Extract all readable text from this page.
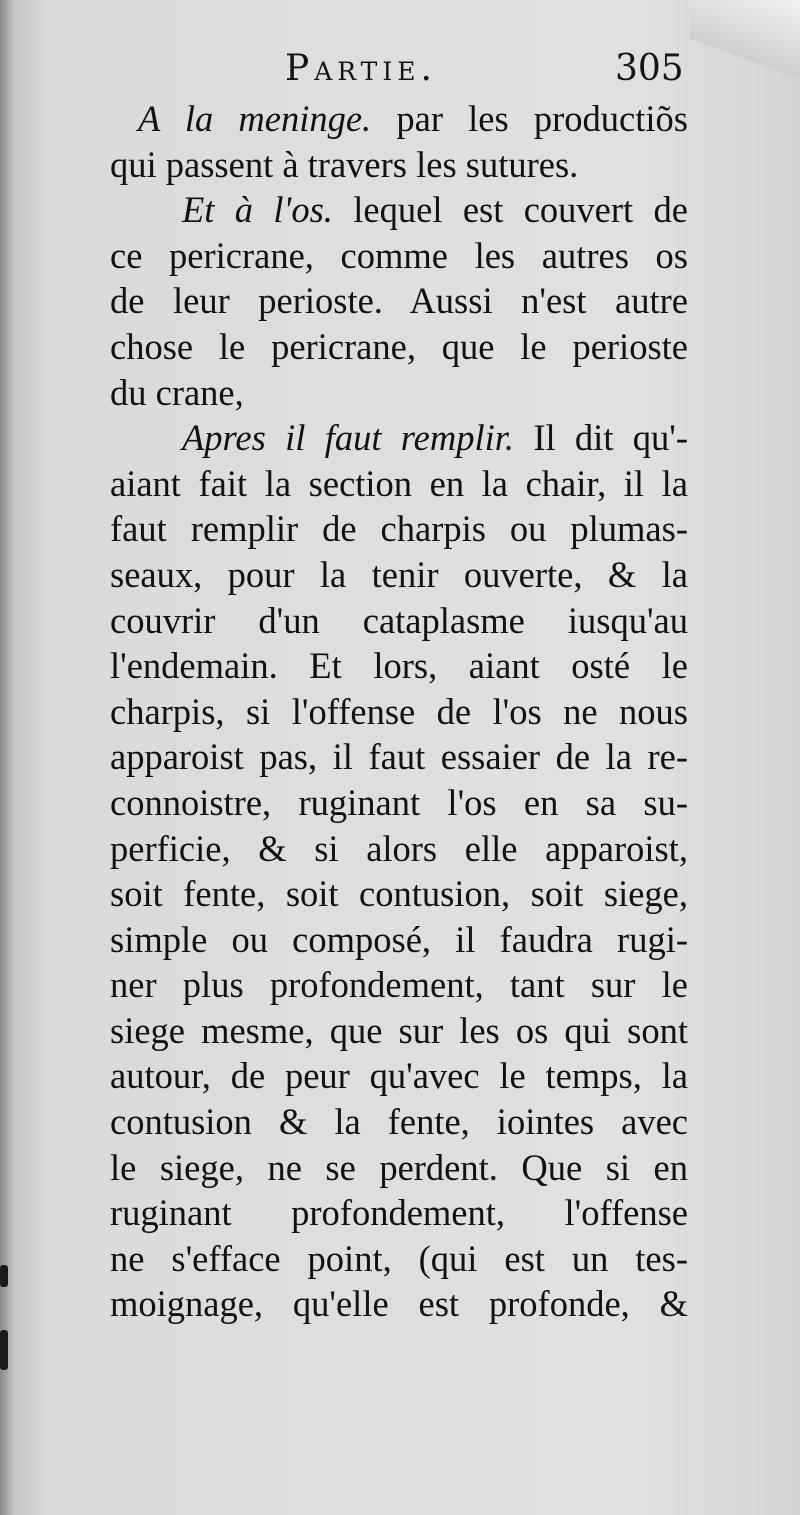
Partie.	305
A la meninge. par les productiõs
qui passent à travers les sutures.
Et à l'os. lequel est couvert de
ce pericrane, comme les autres os
de leur perioste. Aussi n'est autre
chose le pericrane, que le perioste
du crane,
Apres il faut remplir. Il dit qu'-
aiant fait la section en la chair, il la
faut remplir de charpis ou plumas-
seaux, pour la tenir ouverte, & la
couvrir d'un cataplasme iusqu'au
l'endemain. Et lors, aiant osté le
charpis, si l'offense de l'os ne nous
apparoist pas, il faut essaier de la re-
connoistre, ruginant l'os en sa su-
perficie, & si alors elle apparoist,
soit fente, soit contusion, soit siege,
simple ou composé, il faudra rugi-
ner plus profondement, tant sur le
siege mesme, que sur les os qui sont
autour, de peur qu'avec le temps, la
contusion & la fente, iointes avec
le siege, ne se perdent. Que si en
ruginant profondement, l'offense
ne s'efface point, (qui est un tes-
moignage, qu'elle est profonde, &
